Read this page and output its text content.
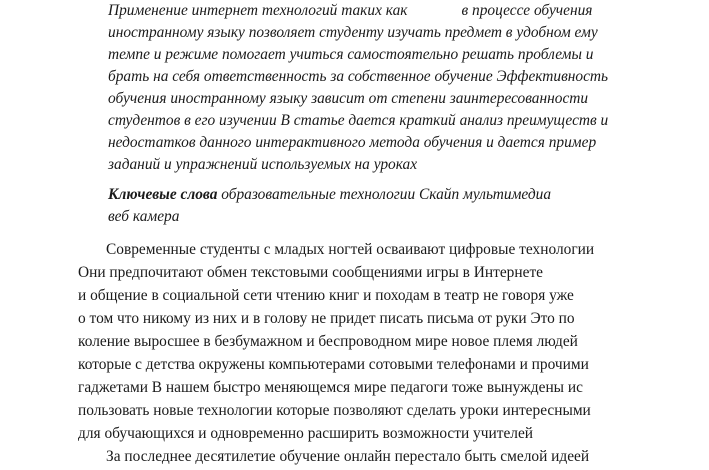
Применение интернет технологий таких как	в процессе обучения
иностранному языку позволяет студенту изучать предмет в удобном ему
темпе и режиме помогает учиться самостоятельно решать проблемы и
брать на себя ответственность за собственное обучение Эффективность
обучения иностранному языку зависит от степени заинтересованности
студентов в его изучении В статье дается краткий анализ преимуществ и
недостатков данного интерактивного метода обучения и дается пример
заданий и упражнений используемых на уроках
Ключевые слова образовательные технологии Скайп мультимедиа
веб камера
Современные студенты с младых ногтей осваивают цифровые технологии
Они предпочитают обмен текстовыми сообщениями игры в Интернете
и общение в социальной сети чтению книг и походам в театр не говоря уже
о том что никому из них и в голову не придет писать письма от руки Это по
коление выросшее в безбумажном и беспроводном мире новое племя людей
которые с детства окружены компьютерами сотовыми телефонами и прочими
гаджетами В нашем быстро меняющемся мире педагоги тоже вынуждены ис
пользовать новые технологии которые позволяют сделать уроки интересными
для обучающихся и одновременно расширить возможности учителей
За последнее десятилетие обучение онлайн перестало быть смелой идеей
